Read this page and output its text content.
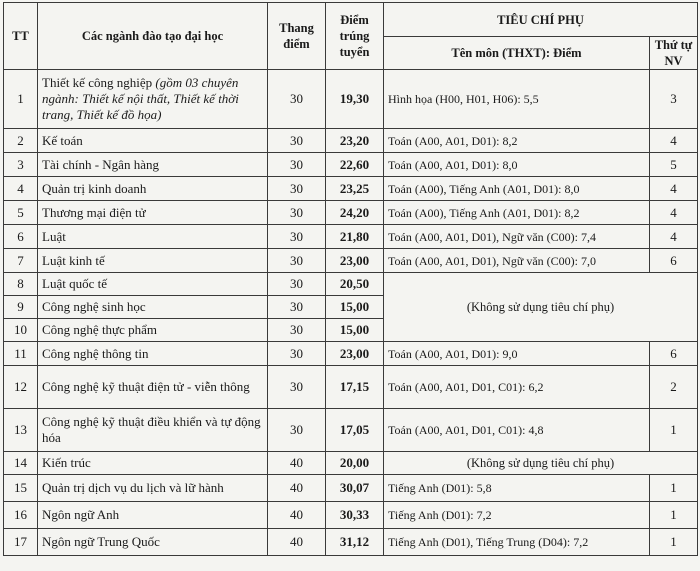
TT	Các ngành đào tạo đại học	Thang điểm	Điểm trúng tuyển	TIÊU CHÍ PHỤ	
				Tên môn (THXT): Điểm	Thứ tự NV
1	Thiết kế công nghiệp (gồm 03 chuyên ngành: Thiết kế nội thất, Thiết kế thời trang, Thiết kế đồ họa)	30	19,30	Hình họa (H00, H01, H06): 5,5	3
2	Kế toán	30	23,20	Toán (A00, A01, D01): 8,2	4
3	Tài chính - Ngân hàng	30	22,60	Toán (A00, A01, D01): 8,0	5
4	Quản trị kinh doanh	30	23,25	Toán (A00), Tiếng Anh (A01, D01): 8,0	4
5	Thương mại điện tử	30	24,20	Toán (A00), Tiếng Anh (A01, D01): 8,2	4
6	Luật	30	21,80	Toán (A00, A01, D01), Ngữ văn (C00): 7,4	4
7	Luật kinh tế	30	23,00	Toán (A00, A01, D01), Ngữ văn (C00): 7,0	6
8	Luật quốc tế	30	20,50	(Không sử dụng tiêu chí phụ)	
9	Công nghệ sinh học	30	15,00		
10	Công nghệ thực phẩm	30	15,00		
11	Công nghệ thông tin	30	23,00	Toán (A00, A01, D01): 9,0	6
12	Công nghệ kỹ thuật điện tử - viễn thông	30	17,15	Toán (A00, A01, D01, C01): 6,2	2
13	Công nghệ kỹ thuật điều khiển và tự động hóa	30	17,05	Toán (A00, A01, D01, C01): 4,8	1
14	Kiến trúc	40	20,00	(Không sử dụng tiêu chí phụ)	
15	Quản trị dịch vụ du lịch và lữ hành	40	30,07	Tiếng Anh (D01): 5,8	1
16	Ngôn ngữ Anh	40	30,33	Tiếng Anh (D01): 7,2	1
17	Ngôn ngữ Trung Quốc	40	31,12	Tiếng Anh (D01), Tiếng Trung (D04): 7,2	1
